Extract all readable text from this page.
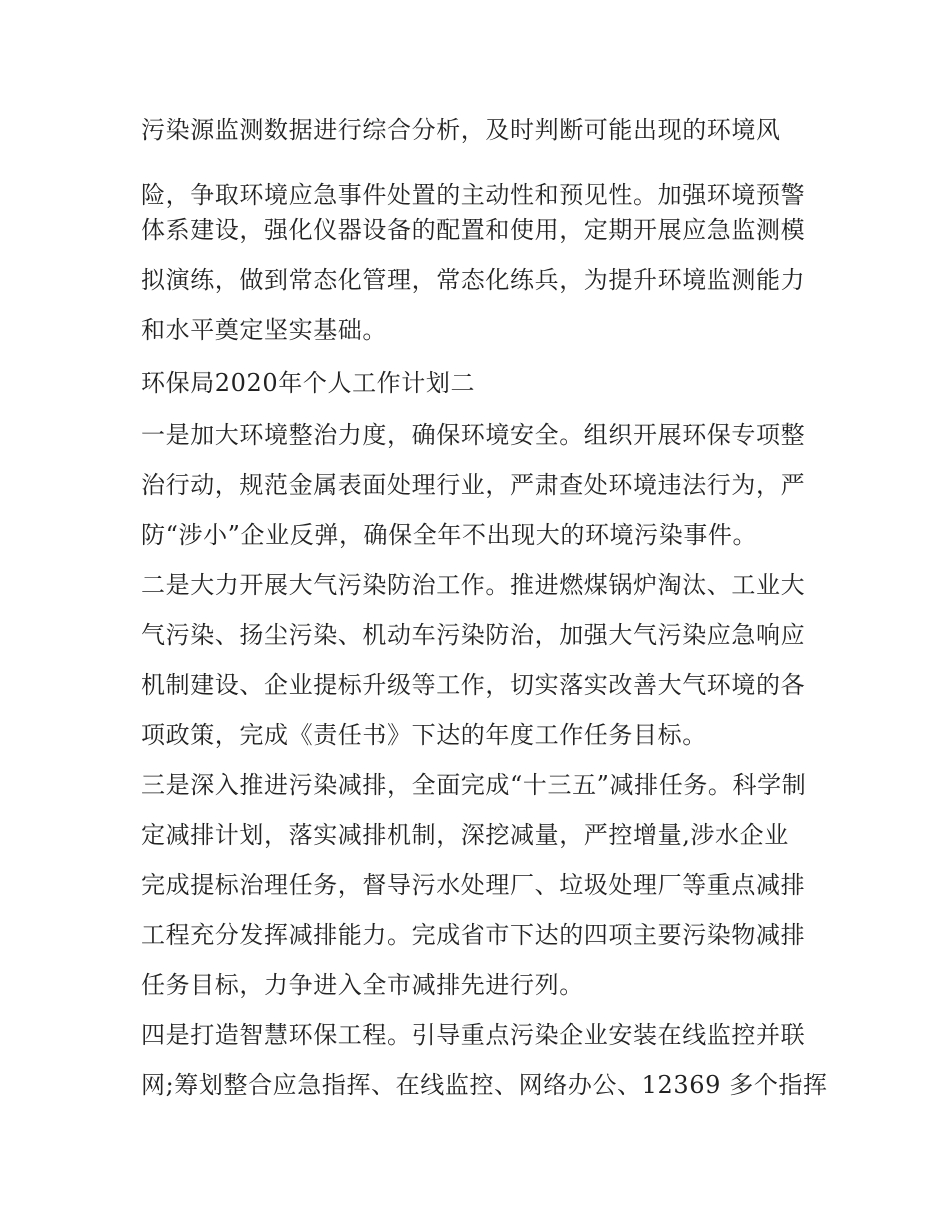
污染源监测数据进行综合分析，及时判断可能出现的环境风
险，争取环境应急事件处置的主动性和预见性。加强环境预警
体系建设，强化仪器设备的配置和使用，定期开展应急监测模
拟演练，做到常态化管理，常态化练兵，为提升环境监测能力
和水平奠定坚实基础。
环保局2020年个人工作计划二
一是加大环境整治力度，确保环境安全。组织开展环保专项整
治行动，规范金属表面处理行业，严肃查处环境违法行为，严
防“涉小”企业反弹，确保全年不出现大的环境污染事件。
二是大力开展大气污染防治工作。推进燃煤锅炉淘汰、工业大
气污染、扬尘污染、机动车污染防治，加强大气污染应急响应
机制建设、企业提标升级等工作，切实落实改善大气环境的各
项政策，完成《责任书》下达的年度工作任务目标。
三是深入推进污染减排，全面完成“十三五”减排任务。科学制
定减排计划，落实减排机制，深挖减量，严控增量,涉水企业
完成提标治理任务，督导污水处理厂、垃圾处理厂等重点减排
工程充分发挥减排能力。完成省市下达的四项主要污染物减排
任务目标，力争进入全市减排先进行列。
四是打造智慧环保工程。引导重点污染企业安装在线监控并联
网;筹划整合应急指挥、在线监控、网络办公、12369 多个指挥
